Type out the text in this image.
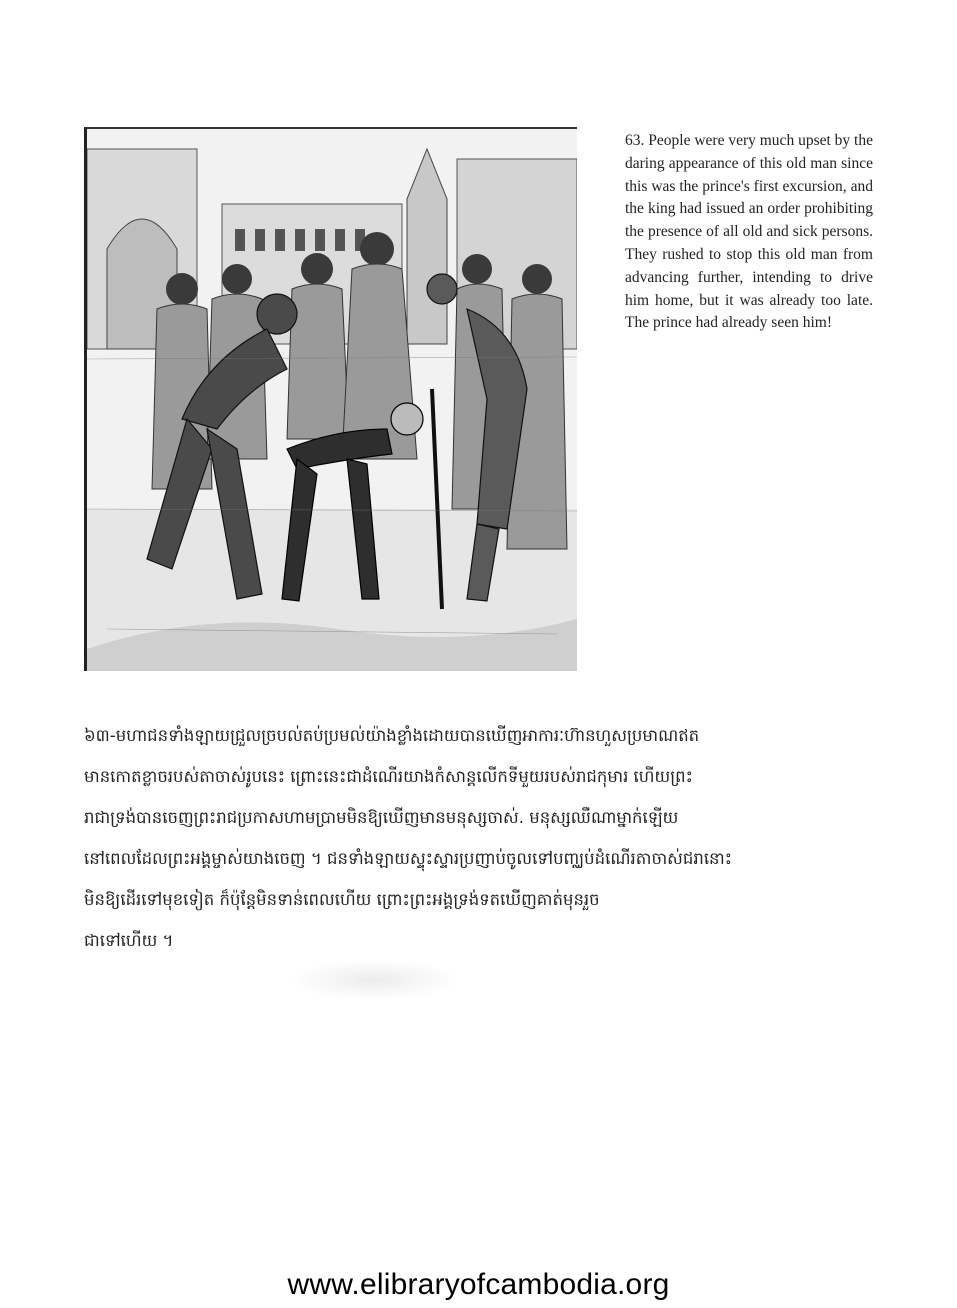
63. People were very much upset by the daring appearance of this old man since this was the prince's first excursion, and the king had issued an order prohibiting the presence of all old and sick persons. They rushed to stop this old man from advancing further, intending to drive him home, but it was already too late. The prince had already seen him!
៦៣-មហាជនទាំងឡាយជ្រួលច្របល់តប់ប្រមល់យ៉ាងខ្លាំងដោយបានឃើញអាការៈហ៊ានហួសប្រមាណឥត
មានកោតខ្លាចរបស់តាចាស់រូបនេះ ព្រោះនេះជាដំណើរយាងកំសាន្តលើកទីមួយរបស់រាជកុមារ ហើយព្រះ
រាជាទ្រង់បានចេញព្រះរាជប្រកាសហាមប្រាមមិនឱ្យឃើញមានមនុស្សចាស់. មនុស្សឈឺណាម្នាក់ឡើយ
នៅពេលដែលព្រះអង្គម្ចាស់យាងចេញ ។ ជនទាំងឡាយស្ទុះស្ទារប្រញាប់ចូលទៅបញ្ឈប់ដំណើរតាចាស់ជរានោះ
មិនឱ្យដើរទៅមុខទៀត ក៏ប៉ុន្តែមិនទាន់ពេលហើយ ព្រោះព្រះអង្គទ្រង់ទតឃើញគាត់មុនរួច
ជាទៅហើយ ។
www.elibraryofcambodia.org
